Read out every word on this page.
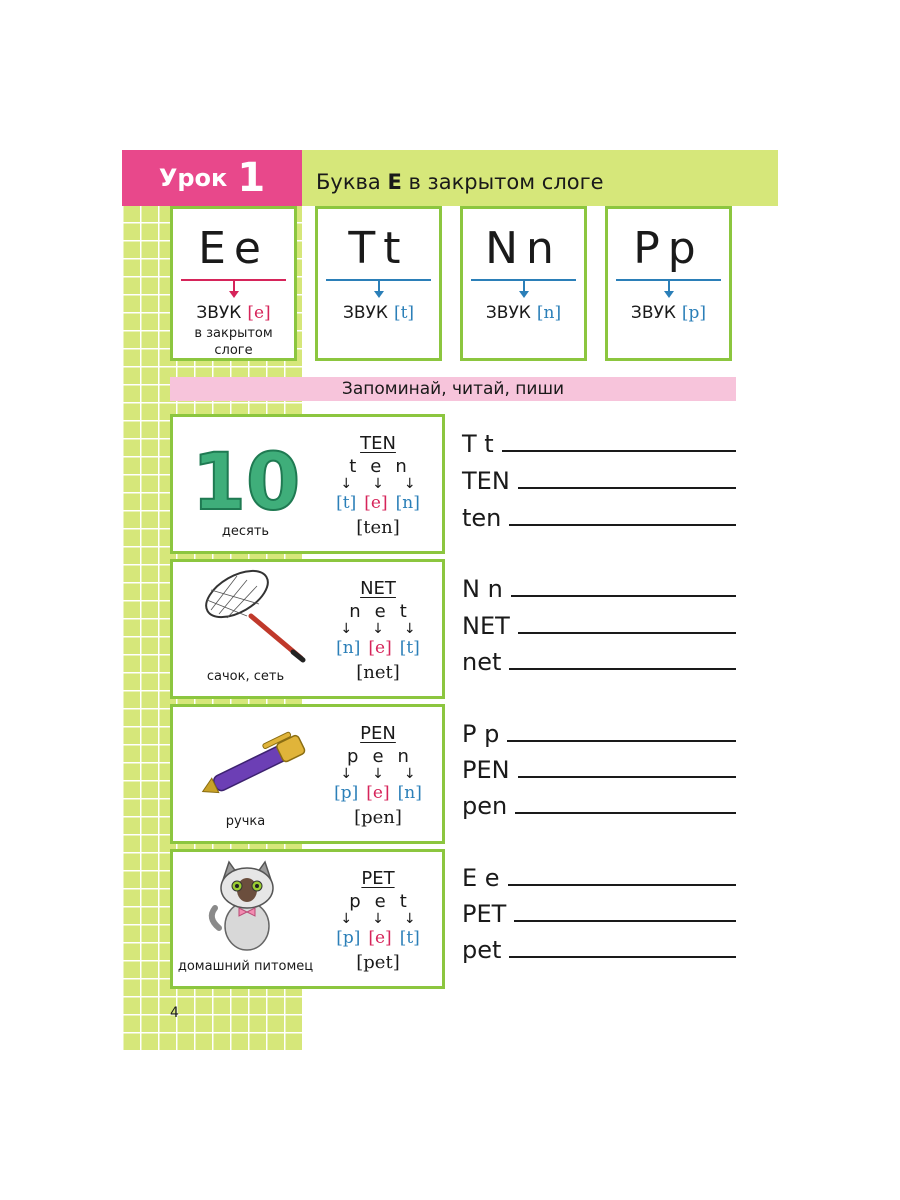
Урок 1 Буква E в закрытом слоге
Ee
ЗВУК [e]
в закрытом
слоге
Tt
ЗВУК [t]
Nn
ЗВУК [n]
Pp
ЗВУК [p]
Запоминай, читай, пиши
10
десять
TEN
t e n
↓ ↓ ↓
[t] [e] [n]
[ten]
сачок, сеть
NET
n e t
↓ ↓ ↓
[n] [e] [t]
[net]
ручка
PEN
p e n
↓ ↓ ↓
[p] [e] [n]
[pen]
домашний питомец
PET
p e t
↓ ↓ ↓
[p] [e] [t]
[pet]
T t
TEN
ten
N n
NET
net
P p
PEN
pen
E e
PET
pet
4
